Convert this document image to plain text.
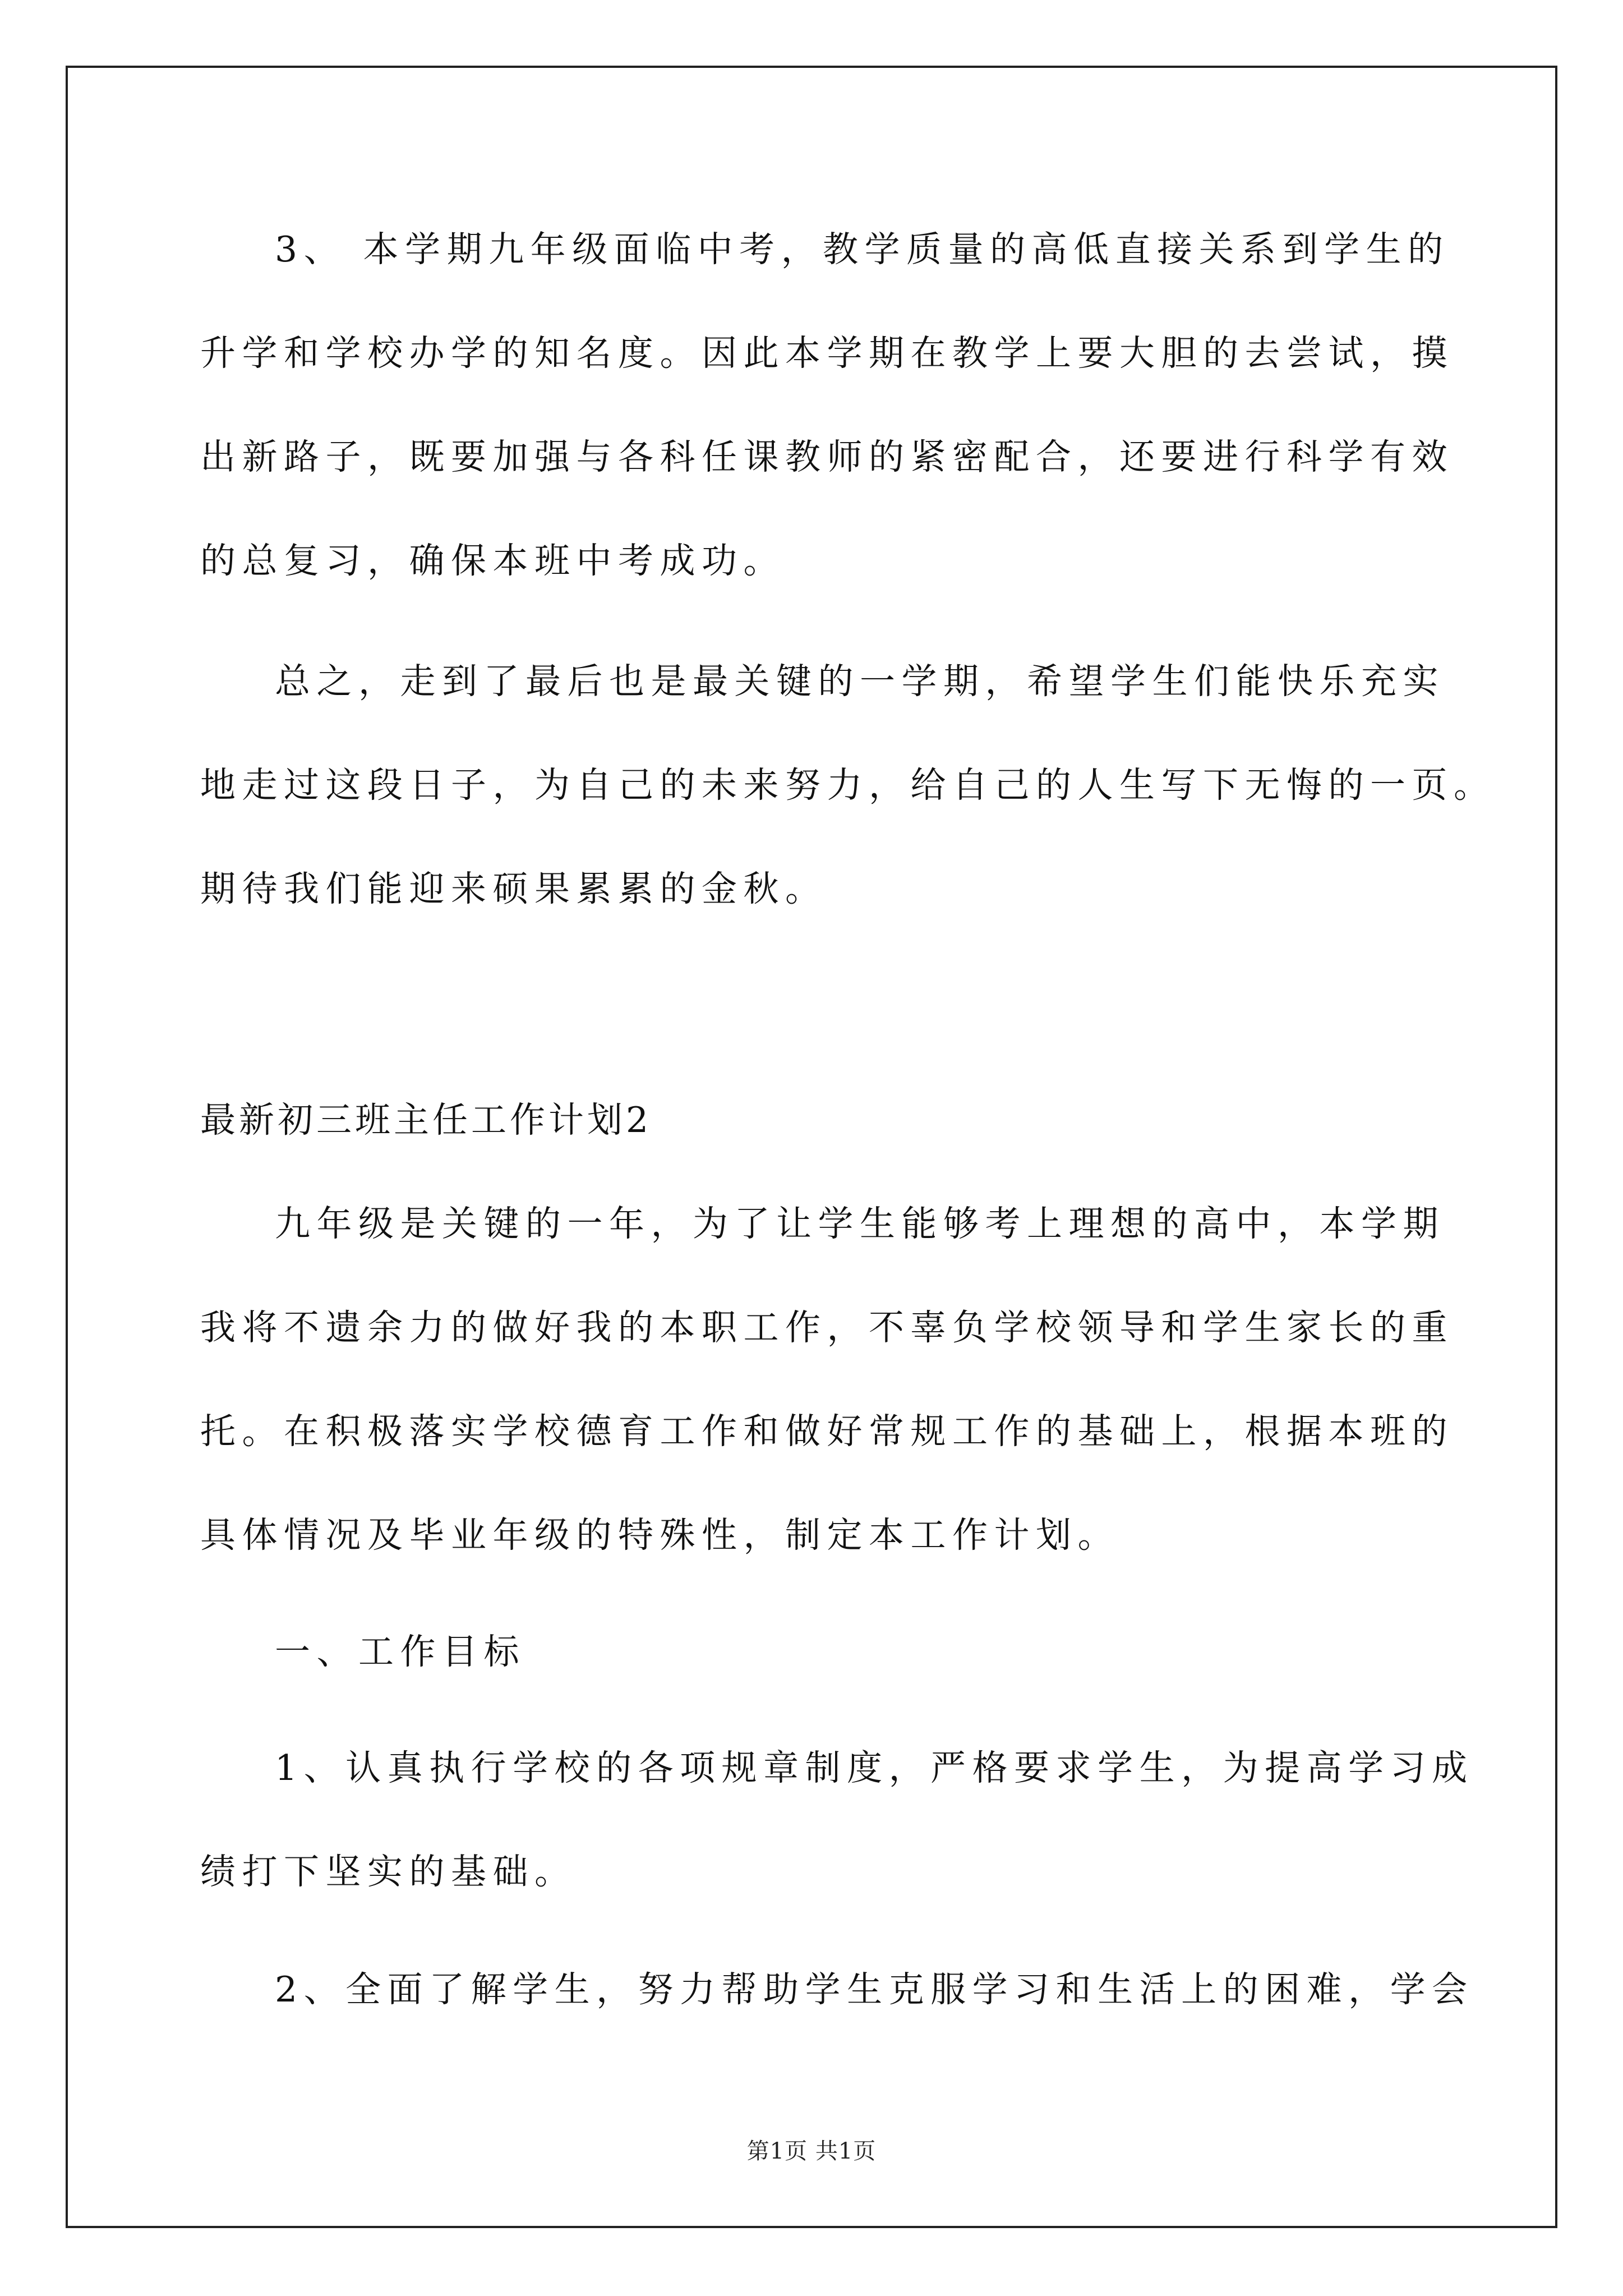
3、 本学期九年级面临中考，教学质量的高低直接关系到学生的
升学和学校办学的知名度。因此本学期在教学上要大胆的去尝试，摸
出新路子，既要加强与各科任课教师的紧密配合，还要进行科学有效
的总复习，确保本班中考成功。
总之，走到了最后也是最关键的一学期，希望学生们能快乐充实
地走过这段日子，为自己的未来努力，给自己的人生写下无悔的一页。
期待我们能迎来硕果累累的金秋。
最新初三班主任工作计划2
九年级是关键的一年，为了让学生能够考上理想的高中，本学期
我将不遗余力的做好我的本职工作，不辜负学校领导和学生家长的重
托。在积极落实学校德育工作和做好常规工作的基础上，根据本班的
具体情况及毕业年级的特殊性，制定本工作计划。
一、工作目标
1、认真执行学校的各项规章制度，严格要求学生，为提高学习成
绩打下坚实的基础。
2、全面了解学生，努力帮助学生克服学习和生活上的困难，学会
第1页 共1页
